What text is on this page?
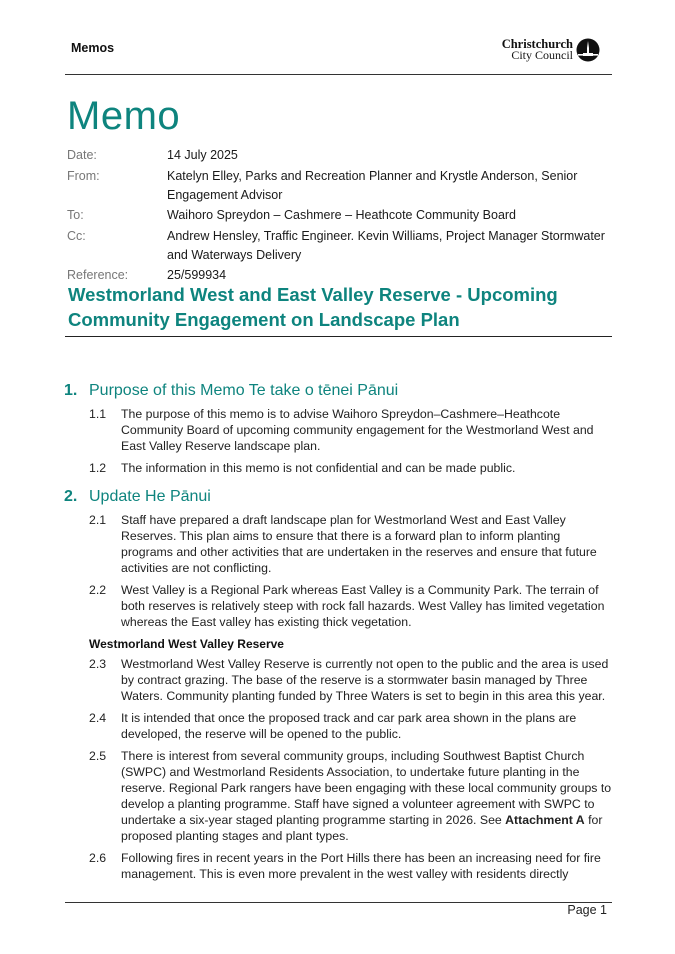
Memos	Christchurch
City Council
Memo
Date:	14 July 2025
From:	Katelyn Elley, Parks and Recreation Planner and Krystle Anderson, Senior Engagement Advisor
To:	Waihoro Spreydon – Cashmere – Heathcote Community Board
Cc:	Andrew Hensley, Traffic Engineer. Kevin Williams, Project Manager Stormwater and Waterways Delivery
Reference:	25/599934
Westmorland West and East Valley Reserve - Upcoming Community Engagement on Landscape Plan
1. Purpose of this Memo Te take o tēnei Pānui
1.1	The purpose of this memo is to advise Waihoro Spreydon–Cashmere–Heathcote Community Board of upcoming community engagement for the Westmorland West and East Valley Reserve landscape plan.
1.2	The information in this memo is not confidential and can be made public.
2. Update He Pānui
2.1	Staff have prepared a draft landscape plan for Westmorland West and East Valley Reserves. This plan aims to ensure that there is a forward plan to inform planting programs and other activities that are undertaken in the reserves and ensure that future activities are not conflicting.
2.2	West Valley is a Regional Park whereas East Valley is a Community Park. The terrain of both reserves is relatively steep with rock fall hazards. West Valley has limited vegetation whereas the East valley has existing thick vegetation.
Westmorland West Valley Reserve
2.3	Westmorland West Valley Reserve is currently not open to the public and the area is used by contract grazing. The base of the reserve is a stormwater basin managed by Three Waters. Community planting funded by Three Waters is set to begin in this area this year.
2.4	It is intended that once the proposed track and car park area shown in the plans are developed, the reserve will be opened to the public.
2.5	There is interest from several community groups, including Southwest Baptist Church (SWPC) and Westmorland Residents Association, to undertake future planting in the reserve. Regional Park rangers have been engaging with these local community groups to develop a planting programme. Staff have signed a volunteer agreement with SWPC to undertake a six-year staged planting programme starting in 2026. See Attachment A for proposed planting stages and plant types.
2.6	Following fires in recent years in the Port Hills there has been an increasing need for fire management. This is even more prevalent in the west valley with residents directly
Page 1
